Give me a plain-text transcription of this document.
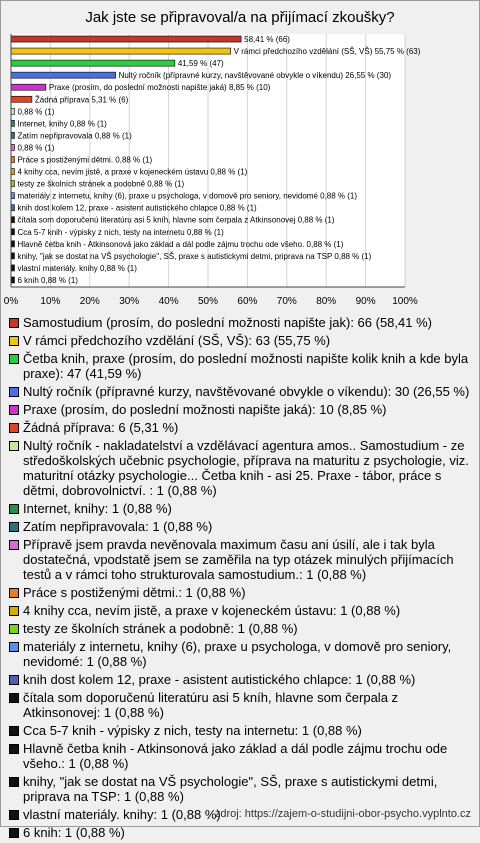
Jak jste se připravoval/a na přijímací zkoušky?
58,41 % (66)
V rámci předchozího vzdělání (SŠ, VŠ) 55,75 % (63)
41,59 % (47)
Nultý ročník (přípravné kurzy, navštěvované obvykle o víkendu) 26,55 % (30)
Praxe (prosím, do poslední možnosti napište jaká) 8,85 % (10)
Žádná příprava 5,31 % (6)
0,88 % (1)
Internet, knihy 0,88 % (1)
Zatím nepřipravovala 0,88 % (1)
0,88 % (1)
Práce s postiženými dětmi. 0,88 % (1)
4 knihy cca, nevím jistě, a praxe v kojeneckém ústavu 0,88 % (1)
testy ze školních stránek a podobně 0,88 % (1)
materiály z internetu, knihy (6), praxe u psychologa, v domově pro seniory, nevidomé 0,88 % (1)
knih dost kolem 12, praxe - asistent autistického chlapce 0,88 % (1)
čítala som doporučenú literatúru asi 5 kníh, hlavne som čerpala z Atkinsonovej 0,88 % (1)
Cca 5-7 knih - výpisky z nich, testy na internetu 0,88 % (1)
Hlavně četba knih - Atkinsonová jako základ a dál podle zájmu trochu ode všeho. 0,88 % (1)
knihy, "jak se dostat na VŠ psychologie", SŠ, praxe s autistickymi detmi, priprava na TSP 0,88 % (1)
vlastní materiály. knihy 0,88 % (1)
6 knih 0,88 % (1)
0% 10% 20% 30% 40% 50% 60% 70% 80% 90% 100%
Samostudium (prosím, do poslední možnosti napište jak): 66 (58,41 %)
V rámci předchozího vzdělání (SŠ, VŠ): 63 (55,75 %)
Četba knih, praxe (prosím, do poslední možnosti napište kolik knih a kde byla praxe): 47 (41,59 %)
Nultý ročník (přípravné kurzy, navštěvované obvykle o víkendu): 30 (26,55 %)
Praxe (prosím, do poslední možnosti napište jaká): 10 (8,85 %)
Žádná příprava: 6 (5,31 %)
Nultý ročník - nakladatelství a vzdělávací agentura amos.. Samostudium - ze středoškolských učebnic psychologie, příprava na maturitu z psychologie, viz. maturitní otázky psychologie... Četba knih - asi 25. Praxe - tábor, práce s dětmi, dobrovolnictví. : 1 (0,88 %)
Internet, knihy: 1 (0,88 %)
Zatím nepřipravovala: 1 (0,88 %)
Přípravě jsem pravda nevěnovala maximum času ani úsilí, ale i tak byla dostatečná, vpodstatě jsem se zaměřila na typ otázek minulých přijímacích testů a v rámci toho strukturovala samostudium.: 1 (0,88 %)
Práce s postiženými dětmi.: 1 (0,88 %)
4 knihy cca, nevím jistě, a praxe v kojeneckém ústavu: 1 (0,88 %)
testy ze školních stránek a podobně: 1 (0,88 %)
materiály z internetu, knihy (6), praxe u psychologa, v domově pro seniory, nevidomé: 1 (0,88 %)
knih dost kolem 12, praxe - asistent autistického chlapce: 1 (0,88 %)
čítala som doporučenú literatúru asi 5 kníh, hlavne som čerpala z Atkinsonovej: 1 (0,88 %)
Cca 5-7 knih - výpisky z nich, testy na internetu: 1 (0,88 %)
Hlavně četba knih - Atkinsonová jako základ a dál podle zájmu trochu ode všeho.: 1 (0,88 %)
knihy, "jak se dostat na VŠ psychologie", SŠ, praxe s autistickymi detmi, priprava na TSP: 1 (0,88 %)
vlastní materiály. knihy: 1 (0,88 %)
6 knih: 1 (0,88 %)
zdroj: https://zajem-o-studijni-obor-psycho.vyplnto.cz
